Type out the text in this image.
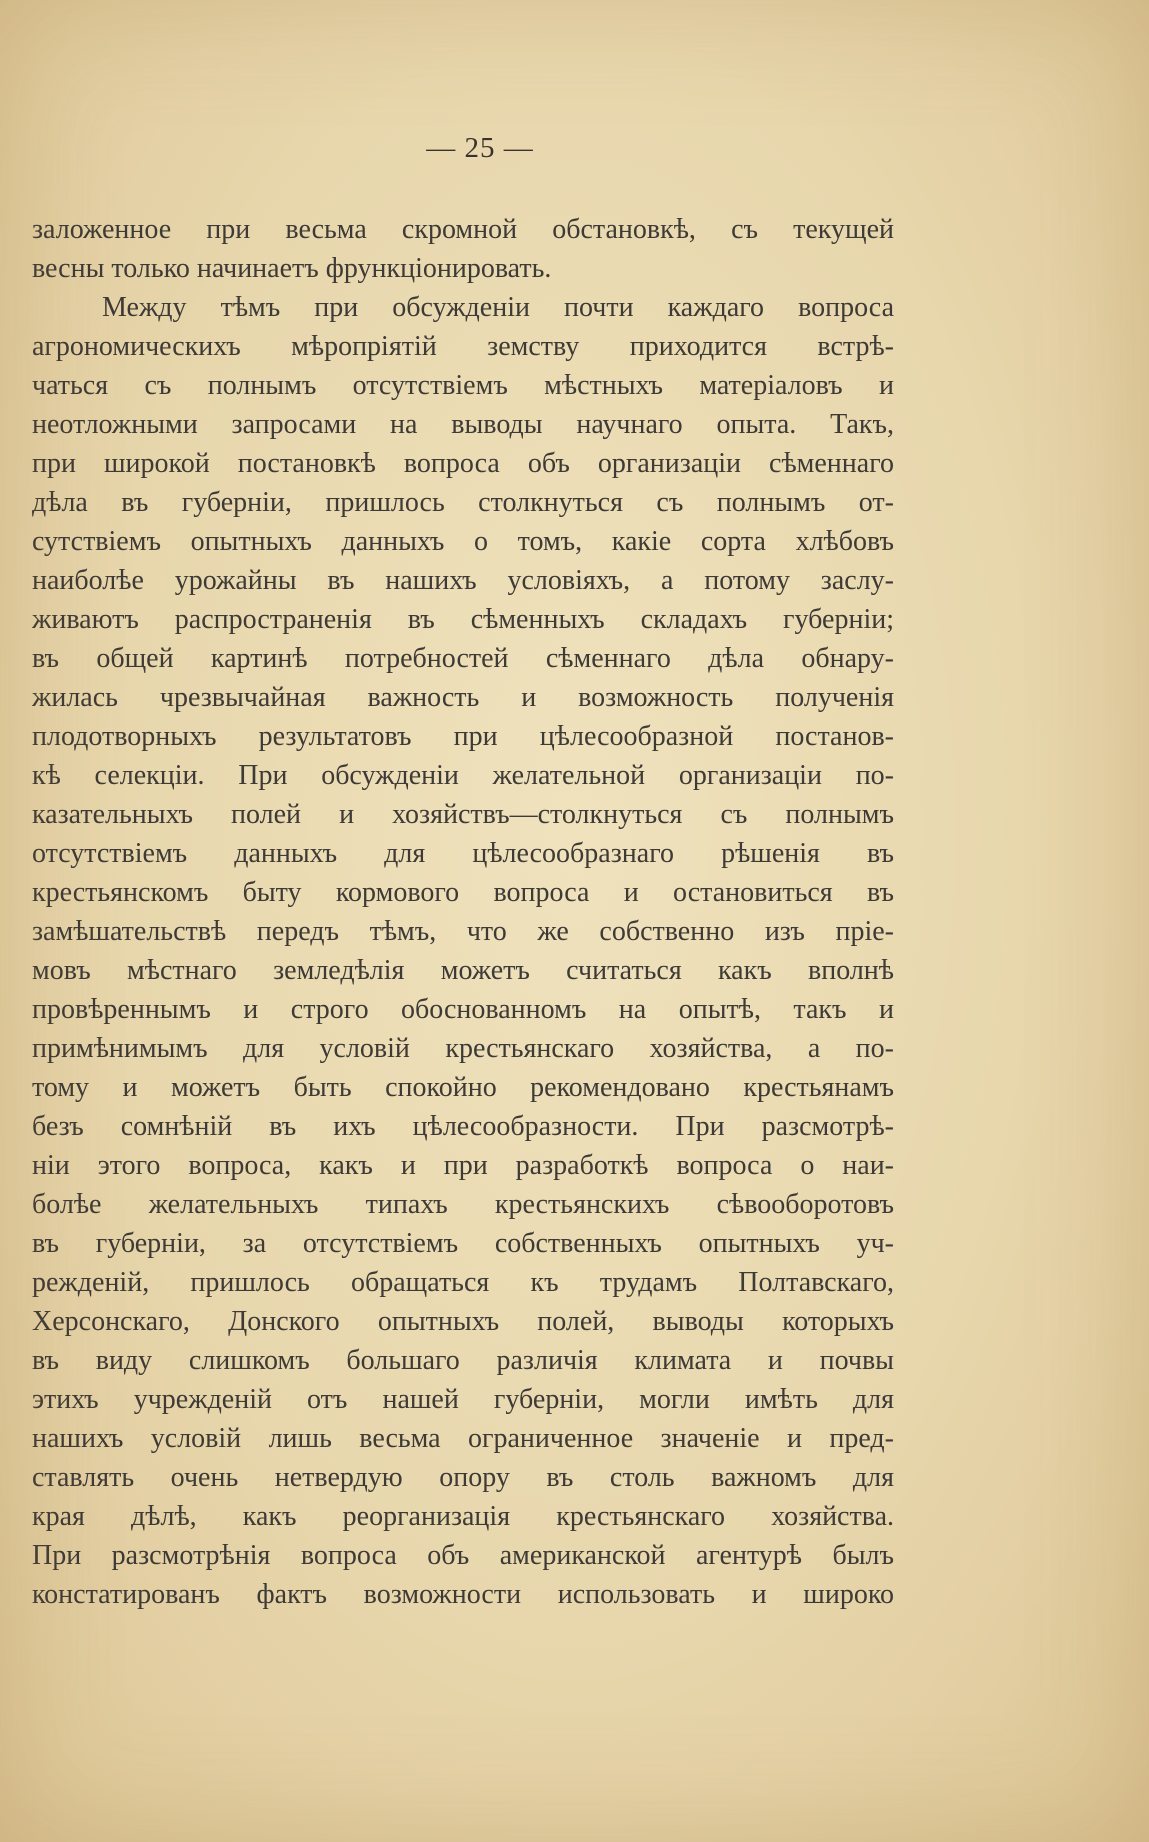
— 25 —
заложенное при весьма скромной обстановкѣ, съ текущей
весны только начинаетъ фрункціонировать.
Между тѣмъ при обсужденіи почти каждаго вопроса
агрономическихъ мѣропріятій земству приходится встрѣ-
чаться съ полнымъ отсутствіемъ мѣстныхъ матеріаловъ и
неотложными запросами на выводы научнаго опыта. Такъ,
при широкой постановкѣ вопроса объ организаціи сѣменнаго
дѣла въ губерніи, пришлось столкнуться съ полнымъ от-
сутствіемъ опытныхъ данныхъ о томъ, какіе сорта хлѣбовъ
наиболѣе урожайны въ нашихъ условіяхъ, а потому заслу-
живаютъ распространенія въ сѣменныхъ складахъ губерніи;
въ общей картинѣ потребностей сѣменнаго дѣла обнару-
жилась чрезвычайная важность и возможность полученія
плодотворныхъ результатовъ при цѣлесообразной постанов-
кѣ селекціи. При обсужденіи желательной организаціи по-
казательныхъ полей и хозяйствъ—столкнуться съ полнымъ
отсутствіемъ данныхъ для цѣлесообразнаго рѣшенія въ
крестьянскомъ быту кормового вопроса и остановиться въ
замѣшательствѣ передъ тѣмъ, что же собственно изъ пріе-
мовъ мѣстнаго земледѣлія можетъ считаться какъ вполнѣ
провѣреннымъ и строго обоснованномъ на опытѣ, такъ и
примѣнимымъ для условій крестьянскаго хозяйства, а по-
тому и можетъ быть спокойно рекомендовано крестьянамъ
безъ сомнѣній въ ихъ цѣлесообразности. При разсмотрѣ-
ніи этого вопроса, какъ и при разработкѣ вопроса о наи-
болѣе желательныхъ типахъ крестьянскихъ сѣвооборотовъ
въ губерніи, за отсутствіемъ собственныхъ опытныхъ уч-
режденій, пришлось обращаться къ трудамъ Полтавскаго,
Херсонскаго, Донского опытныхъ полей, выводы которыхъ
въ виду слишкомъ большаго различія климата и почвы
этихъ учрежденій отъ нашей губерніи, могли имѣть для
нашихъ условій лишь весьма ограниченное значеніе и пред-
ставлять очень нетвердую опору въ столь важномъ для
края дѣлѣ, какъ реорганизація крестьянскаго хозяйства.
При разсмотрѣнія вопроса объ американской агентурѣ былъ
констатированъ фактъ возможности использовать и широко
